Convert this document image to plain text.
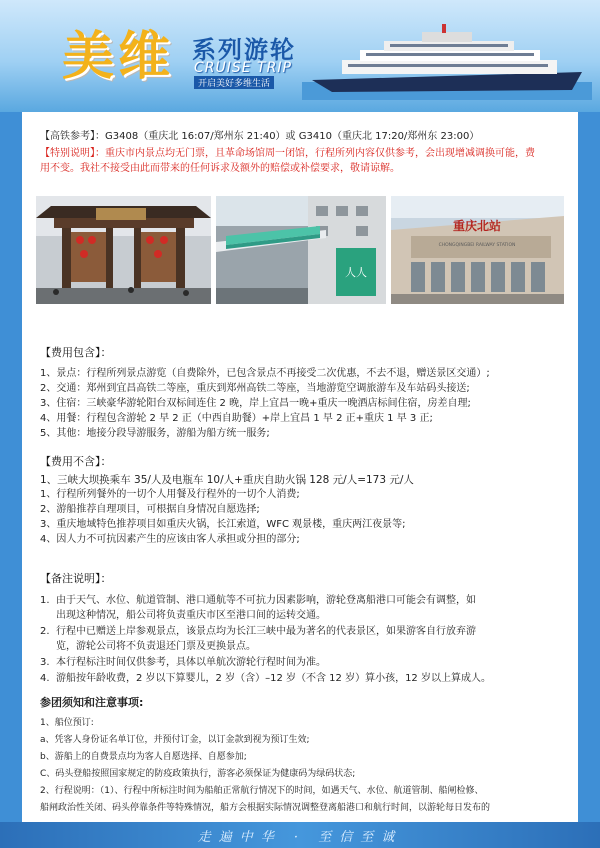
美维 系列游轮
CRUISE TRIP
开启美好多维生活
【高铁参考】：G3408（重庆北 16:07/郑州东 21:40）或 G3410（重庆北 17:20/郑州东 23:00）
【特别说明】：重庆市内景点均无门票，且革命场馆周一闭馆，行程所列内容仅供参考，会出现增减调换可能，费
用不变。我社不接受由此而带来的任何诉求及额外的赔偿或补偿要求，敬请谅解。
人人
重庆北站
CHONGQINGBEI RAILWAY STATION
【费用包含】：
1、景点：行程所列景点游览（自费除外，已包含景点不再接受二次优惠，不去不退，赠送景区交通）;
2、交通：郑州到宜昌高铁二等座，重庆到郑州高铁二等座，当地游览空调旅游车及车站码头接送;
3、住宿：三峡豪华游轮阳台双标间连住 2 晚，岸上宜昌一晚+重庆一晚酒店标间住宿，房差自理;
4、用餐：行程包含游轮 2 早 2 正（中西自助餐）+岸上宜昌 1 早 2 正+重庆 1 早 3 正;
5、其他：地接分段导游服务，游船为船方统一服务;
【费用不含】：
1、三峡大坝换乘车 35/人及电瓶车 10/人+重庆自助火锅 128 元/人=173 元/人
1、行程所列餐外的一切个人用餐及行程外的一切个人消费;
2、游船推荐自理项目，可根据自身情况自愿选择;
3、重庆地域特色推荐项目如重庆火锅，长江索道，WFC 观景楼，重庆两江夜景等;
4、因人力不可抗因素产生的应该由客人承担或分担的部分;
【备注说明】：
1. 由于天气、水位、航道管制、港口通航等不可抗力因素影响，游轮登离船港口可能会有调整，如
出现这种情况，船公司将负责重庆市区至港口间的运转交通。
2. 行程中已赠送上岸参观景点，该景点均为长江三峡中最为著名的代表景区，如果游客自行放弃游
览，游轮公司将不负责退还门票及更换景点。
3. 本行程标注时间仅供参考，具体以单航次游轮行程时间为准。
4. 游船按年龄收费，2 岁以下算婴儿，2 岁（含）–12 岁（不含 12 岁）算小孩，12 岁以上算成人。
参团须知和注意事项:
1、船位预订:
a、凭客人身份证名单订位，并预付订金，以订金款到视为预订生效;
b、游船上的自费景点均为客人自愿选择、自愿参加;
C、码头登船按照国家规定的防疫政策执行，游客必须保证为健康码为绿码状态;
2、行程说明：（1）、行程中所标注时间为船舶正常航行情况下的时间，如遇天气、水位、航道管制、船闸检修、
船闸政治性关闭、码头停靠条件等特殊情况，船方会根据实际情况调整登离船港口和航行时间，以游轮每日发布的
走遍中华 · 至信至诚
